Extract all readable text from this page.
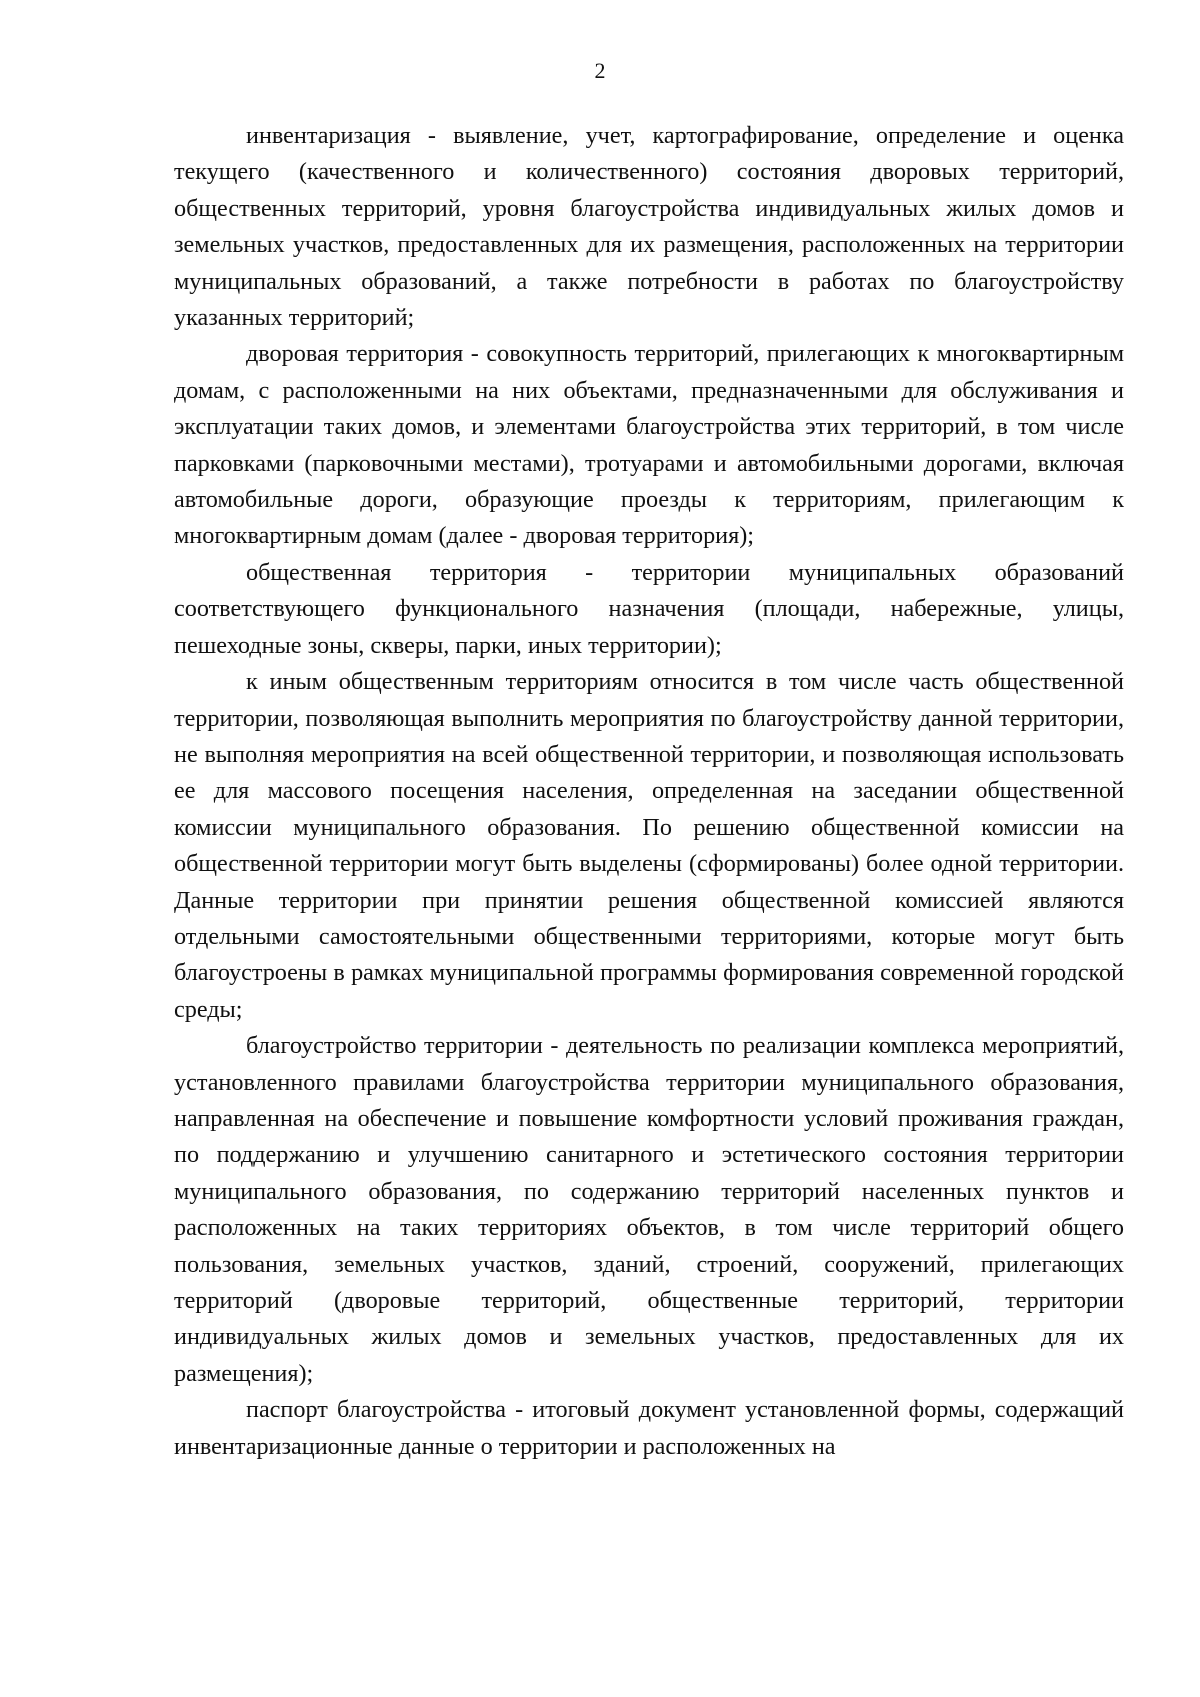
2

инвентаризация - выявление, учет, картографирование, определение и оценка текущего (качественного и количественного) состояния дворовых территорий, общественных территорий, уровня благоустройства индивидуальных жилых домов и земельных участков, предоставленных для их размещения, расположенных на территории муниципальных образований, а также потребности в работах по благоустройству указанных территорий;

дворовая территория - совокупность территорий, прилегающих к многоквартирным домам, с расположенными на них объектами, предназначенными для обслуживания и эксплуатации таких домов, и элементами благоустройства этих территорий, в том числе парковками (парковочными местами), тротуарами и автомобильными дорогами, включая автомобильные дороги, образующие проезды к территориям, прилегающим к многоквартирным домам (далее - дворовая территория);

общественная территория - территории муниципальных образований соответствующего функционального назначения (площади, набережные, улицы, пешеходные зоны, скверы, парки, иных территории);

к иным общественным территориям относится в том числе часть общественной территории, позволяющая выполнить мероприятия по благоустройству данной территории, не выполняя мероприятия на всей общественной территории, и позволяющая использовать ее для массового посещения населения, определенная на заседании общественной комиссии муниципального образования. По решению общественной комиссии на общественной территории могут быть выделены (сформированы) более одной территории. Данные территории при принятии решения общественной комиссией являются отдельными самостоятельными общественными территориями, которые могут быть благоустроены в рамках муниципальной программы формирования современной городской среды;

благоустройство территории - деятельность по реализации комплекса мероприятий, установленного правилами благоустройства территории муниципального образования, направленная на обеспечение и повышение комфортности условий проживания граждан, по поддержанию и улучшению санитарного и эстетического состояния территории муниципального образования, по содержанию территорий населенных пунктов и расположенных на таких территориях объектов, в том числе территорий общего пользования, земельных участков, зданий, строений, сооружений, прилегающих территорий (дворовые территорий, общественные территорий, территории индивидуальных жилых домов и земельных участков, предоставленных для их размещения);

паспорт благоустройства - итоговый документ установленной формы, содержащий инвентаризационные данные о территории и расположенных на
